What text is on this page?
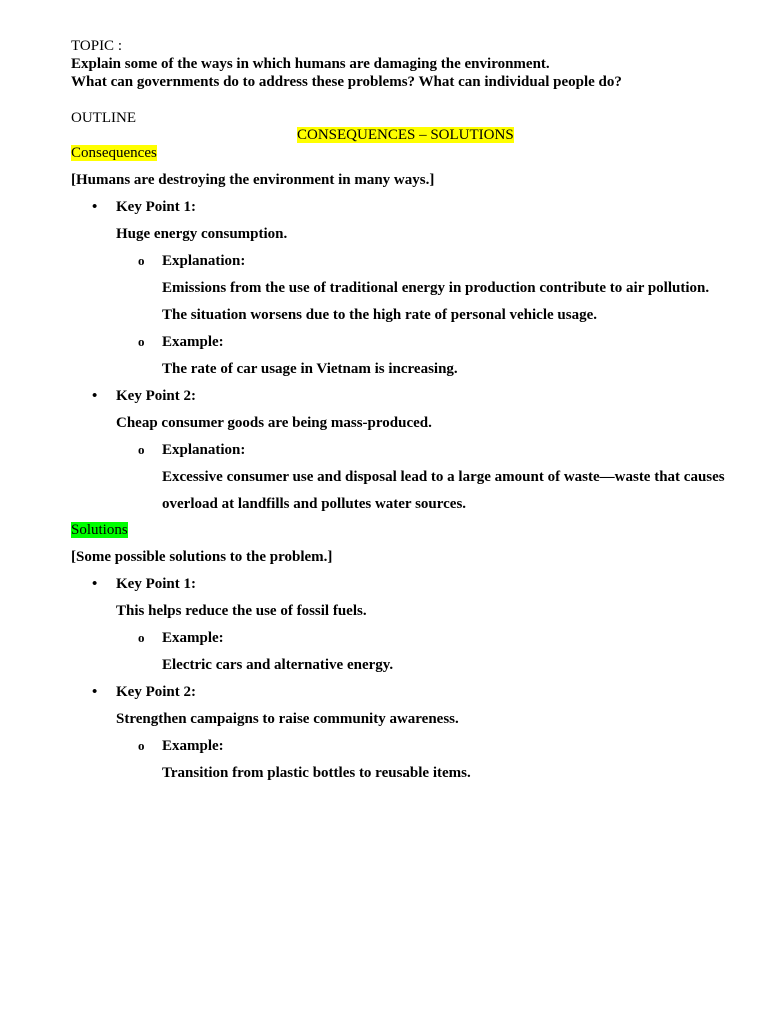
TOPIC :
Explain some of the ways in which humans are damaging the environment.
What can governments do to address these problems? What can individual people do?
OUTLINE
CONSEQUENCES – SOLUTIONS
Consequences
[Humans are destroying the environment in many ways.]
• Key Point 1:
Huge energy consumption.
o Explanation:
Emissions from the use of traditional energy in production contribute to air pollution.
The situation worsens due to the high rate of personal vehicle usage.
o Example:
The rate of car usage in Vietnam is increasing.
• Key Point 2:
Cheap consumer goods are being mass-produced.
o Explanation:
Excessive consumer use and disposal lead to a large amount of waste—waste that causes
overload at landfills and pollutes water sources.
Solutions
[Some possible solutions to the problem.]
• Key Point 1:
This helps reduce the use of fossil fuels.
o Example:
Electric cars and alternative energy.
• Key Point 2:
Strengthen campaigns to raise community awareness.
o Example:
Transition from plastic bottles to reusable items.
